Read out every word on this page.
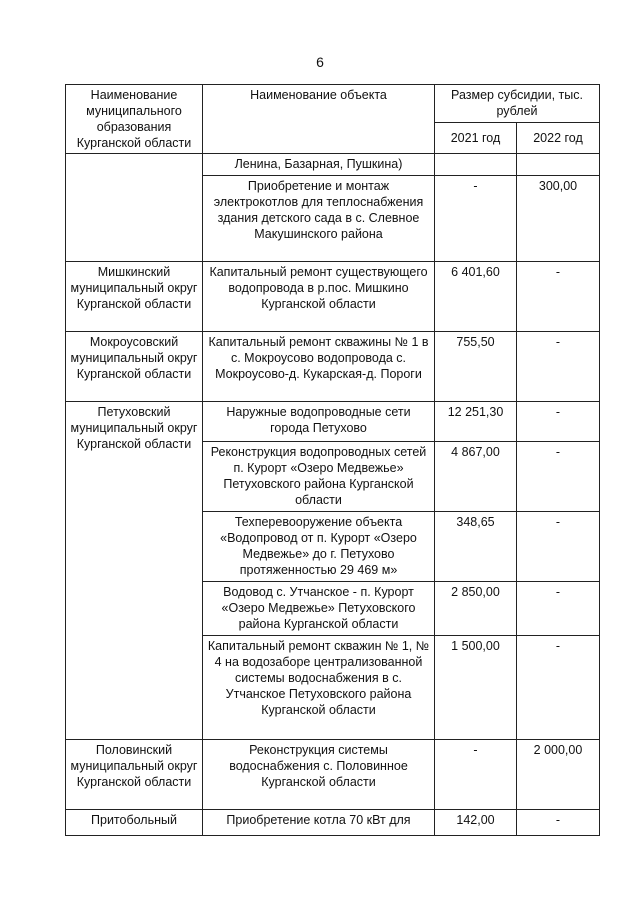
6
Наименование муниципального образования Курганской области	Наименование объекта	Размер субсидии, тыс. рублей	
		2021 год	2022 год
	Ленина, Базарная, Пушкина)		
	Приобретение и монтаж электрокотлов для теплоснабжения здания детского сада в с. Слевное Макушинского района	-	300,00
Мишкинский муниципальный округ Курганской области	Капитальный ремонт существующего водопровода в р.пос. Мишкино Курганской области	6 401,60	-
Мокроусовский муниципальный округ Курганской области	Капитальный ремонт скважины № 1 в с. Мокроусово водопровода с. Мокроусово-д. Кукарская-д. Пороги	755,50	-
Петуховский муниципальный округ Курганской области	Наружные водопроводные сети города Петухово	12 251,30	-
	Реконструкция водопроводных сетей п. Курорт «Озеро Медвежье» Петуховского района Курганской области	4 867,00	-
	Техперевооружение объекта «Водопровод от п. Курорт «Озеро Медвежье» до г. Петухово протяженностью 29 469 м»	348,65	-
	Водовод с. Утчанское - п. Курорт «Озеро Медвежье» Петуховского района Курганской области	2 850,00	-
	Капитальный ремонт скважин № 1, № 4 на водозаборе централизованной системы водоснабжения в с. Утчанское Петуховского района Курганской области	1 500,00	-
Половинский муниципальный округ Курганской области	Реконструкция системы водоснабжения с. Половинное Курганской области	-	2 000,00
Притобольный	Приобретение котла 70 кВт для	142,00	-
